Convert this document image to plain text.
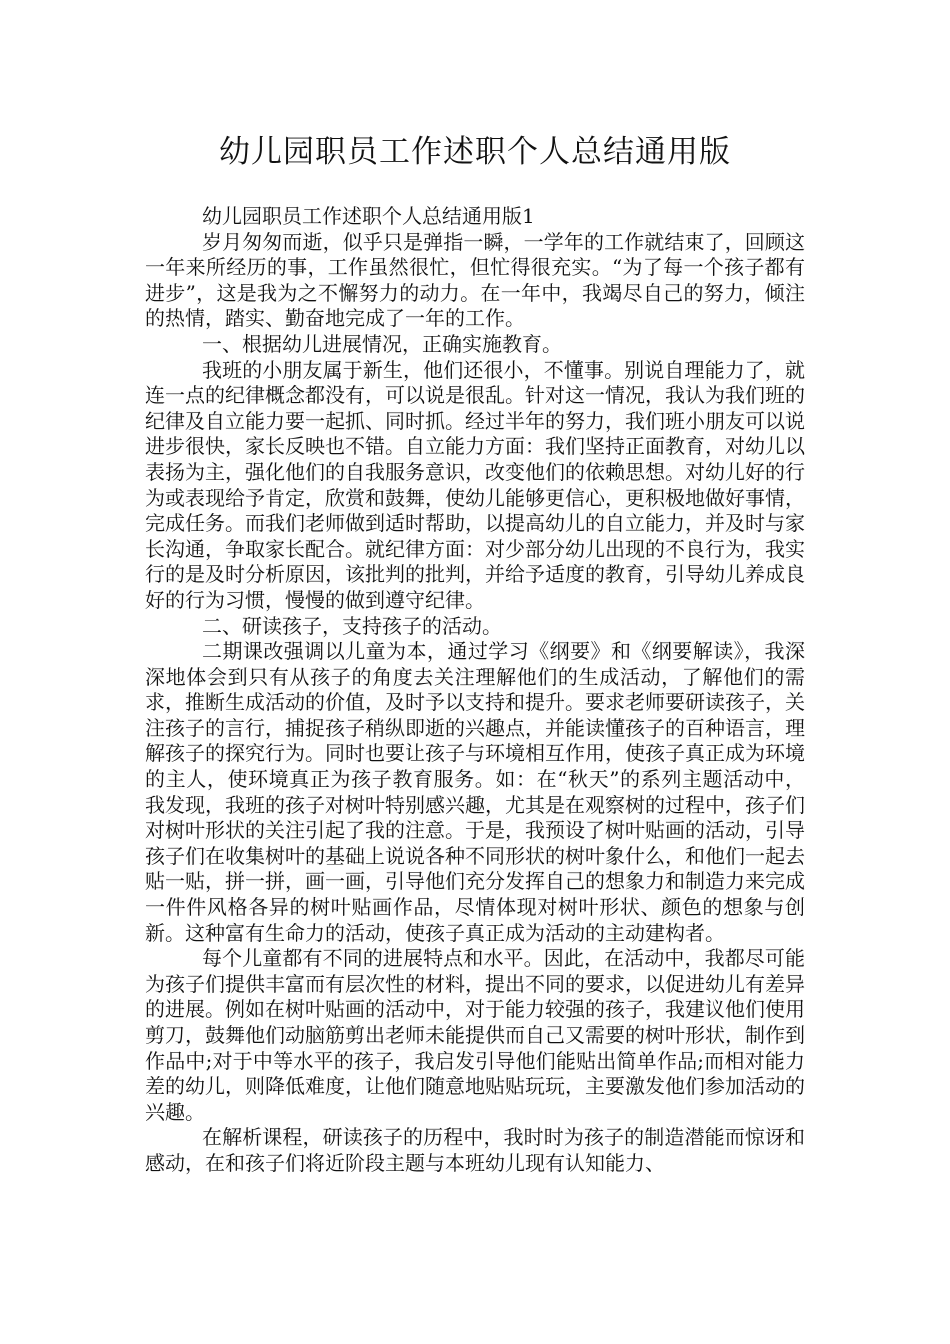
幼儿园职员工作述职个人总结通用版

幼儿园职员工作述职个人总结通用版1

岁月匆匆而逝，似乎只是弹指一瞬，一学年的工作就结束了，回顾这一年来所经历的事，工作虽然很忙，但忙得很充实。“为了每一个孩子都有进步”，这是我为之不懈努力的动力。在一年中，我竭尽自己的努力，倾注的热情，踏实、勤奋地完成了一年的工作。

一、根据幼儿进展情况，正确实施教育。

我班的小朋友属于新生，他们还很小，不懂事。别说自理能力了，就连一点的纪律概念都没有，可以说是很乱。针对这一情况，我认为我们班的纪律及自立能力要一起抓、同时抓。经过半年的努力，我们班小朋友可以说进步很快，家长反映也不错。自立能力方面：我们坚持正面教育，对幼儿以表扬为主，强化他们的自我服务意识，改变他们的依赖思想。对幼儿好的行为或表现给予肯定，欣赏和鼓舞，使幼儿能够更信心，更积极地做好事情，完成任务。而我们老师做到适时帮助，以提高幼儿的自立能力，并及时与家长沟通，争取家长配合。就纪律方面：对少部分幼儿出现的不良行为，我实行的是及时分析原因，该批判的批判，并给予适度的教育，引导幼儿养成良好的行为习惯，慢慢的做到遵守纪律。

二、研读孩子，支持孩子的活动。

二期课改强调以儿童为本，通过学习《纲要》和《纲要解读》，我深深地体会到只有从孩子的角度去关注理解他们的生成活动，了解他们的需求，推断生成活动的价值，及时予以支持和提升。要求老师要研读孩子，关注孩子的言行，捕捉孩子稍纵即逝的兴趣点，并能读懂孩子的百种语言，理解孩子的探究行为。同时也要让孩子与环境相互作用，使孩子真正成为环境的主人，使环境真正为孩子教育服务。如：在“秋天”的系列主题活动中，我发现，我班的孩子对树叶特别感兴趣，尤其是在观察树的过程中，孩子们对树叶形状的关注引起了我的注意。于是，我预设了树叶贴画的活动，引导孩子们在收集树叶的基础上说说各种不同形状的树叶象什么，和他们一起去贴一贴，拼一拼，画一画，引导他们充分发挥自己的想象力和制造力来完成一件件风格各异的树叶贴画作品，尽情体现对树叶形状、颜色的想象与创新。这种富有生命力的活动，使孩子真正成为活动的主动建构者。

每个儿童都有不同的进展特点和水平。因此，在活动中，我都尽可能为孩子们提供丰富而有层次性的材料，提出不同的要求，以促进幼儿有差异的进展。例如在树叶贴画的活动中，对于能力较强的孩子，我建议他们使用剪刀，鼓舞他们动脑筋剪出老师未能提供而自己又需要的树叶形状，制作到作品中;对于中等水平的孩子，我启发引导他们能贴出简单作品;而相对能力差的幼儿，则降低难度，让他们随意地贴贴玩玩，主要激发他们参加活动的兴趣。

在解析课程，研读孩子的历程中，我时时为孩子的制造潜能而惊讶和感动，在和孩子们将近阶段主题与本班幼儿现有认知能力、
